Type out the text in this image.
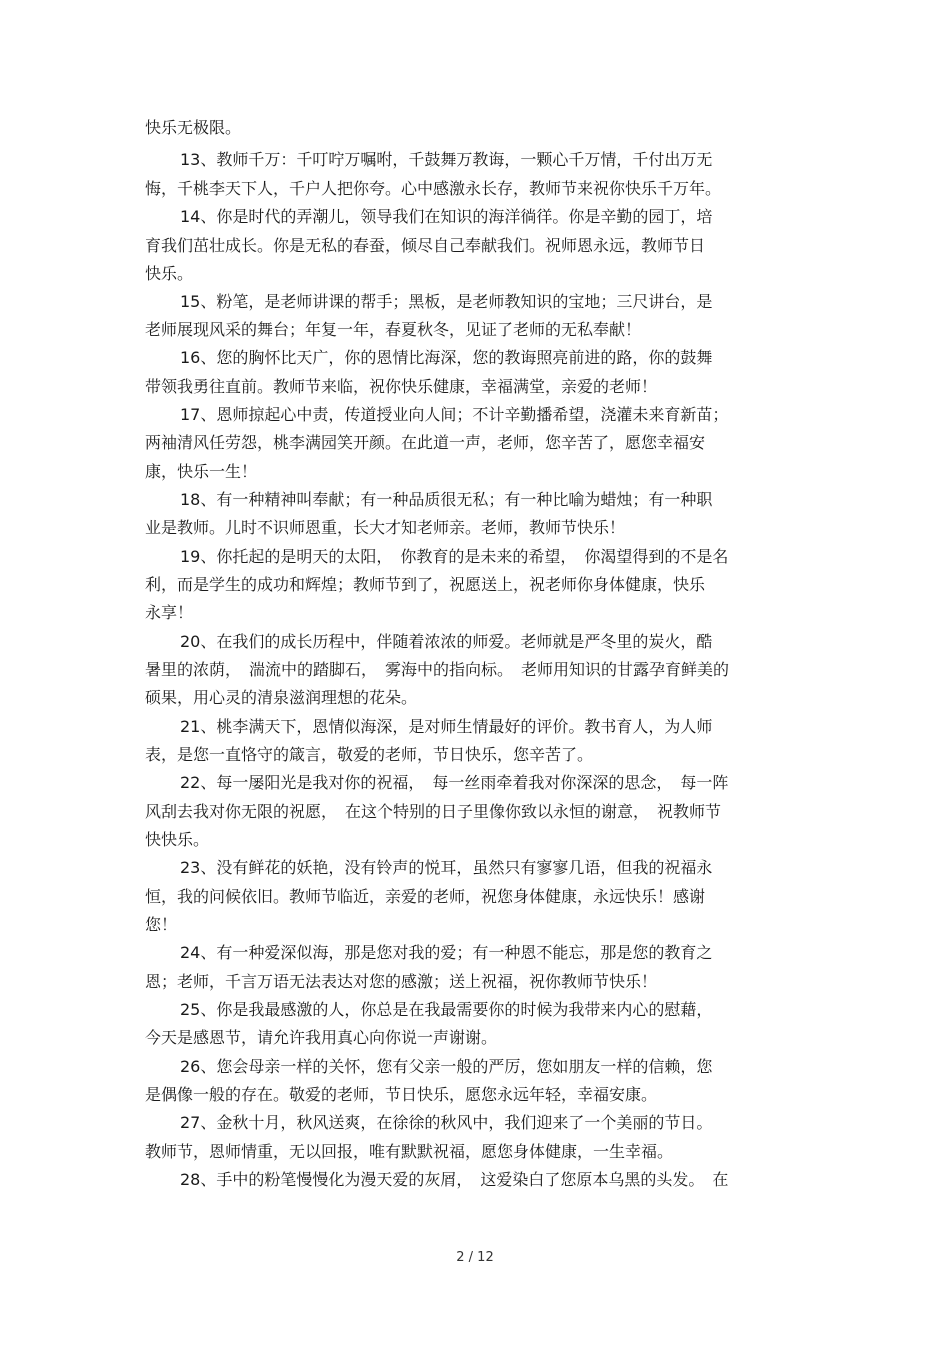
快乐无极限。
13、教师千万：千叮咛万嘱咐，千鼓舞万教诲，一颗心千万情，千付出万无
悔，千桃李天下人，千户人把你夸。心中感激永长存，教师节来祝你快乐千万年。
14、你是时代的弄潮儿，领导我们在知识的海洋徜徉。你是辛勤的园丁，培
育我们茁壮成长。你是无私的春蚕，倾尽自己奉献我们。祝师恩永远，教师节日
快乐。
15、粉笔，是老师讲课的帮手；黑板，是老师教知识的宝地；三尺讲台，是
老师展现风采的舞台；年复一年，春夏秋冬，见证了老师的无私奉献！
16、您的胸怀比天广，你的恩情比海深，您的教诲照亮前进的路，你的鼓舞
带领我勇往直前。教师节来临，祝你快乐健康，幸福满堂，亲爱的老师！
17、恩师掠起心中责，传道授业向人间；不计辛勤播希望，浇灌未来育新苗；
两袖清风任劳怨，桃李满园笑开颜。在此道一声，老师，您辛苦了，愿您幸福安
康，快乐一生！
18、有一种精神叫奉献；有一种品质很无私；有一种比喻为蜡烛；有一种职
业是教师。儿时不识师恩重，长大才知老师亲。老师，教师节快乐！
19、你托起的是明天的太阳，　你教育的是未来的希望，　你渴望得到的不是名
利，而是学生的成功和辉煌；教师节到了，祝愿送上，祝老师你身体健康，快乐
永享！
20、在我们的成长历程中，伴随着浓浓的师爱。老师就是严冬里的炭火，酷
暑里的浓荫，　湍流中的踏脚石，　雾海中的指向标。　老师用知识的甘露孕育鲜美的
硕果，用心灵的清泉滋润理想的花朵。
21、桃李满天下，恩情似海深，是对师生情最好的评价。教书育人，为人师
表，是您一直恪守的箴言，敬爱的老师，节日快乐，您辛苦了。
22、每一屡阳光是我对你的祝福，　每一丝雨牵着我对你深深的思念，　每一阵
风刮去我对你无限的祝愿，　在这个特别的日子里像你致以永恒的谢意，　祝教师节
快快乐。
23、没有鲜花的妖艳，没有铃声的悦耳，虽然只有寥寥几语，但我的祝福永
恒，我的问候依旧。教师节临近，亲爱的老师，祝您身体健康，永远快乐！感谢
您！
24、有一种爱深似海，那是您对我的爱；有一种恩不能忘，那是您的教育之
恩；老师，千言万语无法表达对您的感激；送上祝福，祝你教师节快乐！
25、你是我最感激的人，你总是在我最需要你的时候为我带来内心的慰藉，
今天是感恩节，请允许我用真心向你说一声谢谢。
26、您会母亲一样的关怀，您有父亲一般的严厉，您如朋友一样的信赖，您
是偶像一般的存在。敬爱的老师，节日快乐，愿您永远年轻，幸福安康。
27、金秋十月，秋风送爽，在徐徐的秋风中，我们迎来了一个美丽的节日。
教师节，恩师情重，无以回报，唯有默默祝福，愿您身体健康，一生幸福。
28、手中的粉笔慢慢化为漫天爱的灰屑，　这爱染白了您原本乌黑的头发。　在
2 / 12
